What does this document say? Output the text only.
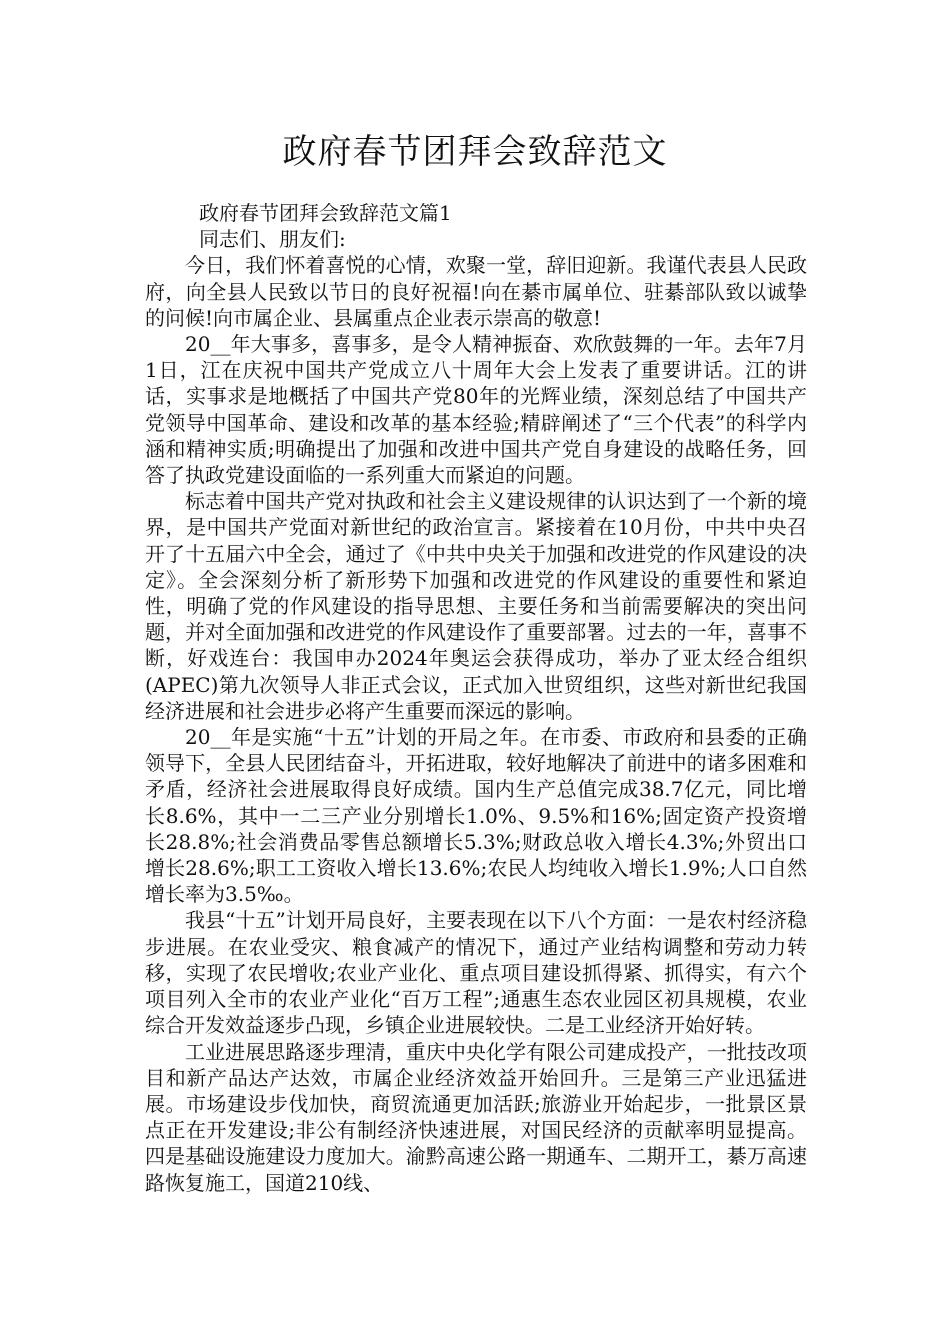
政府春节团拜会致辞范文

政府春节团拜会致辞范文篇1

同志们、朋友们:

今日，我们怀着喜悦的心情，欢聚一堂，辞旧迎新。我谨代表县人民政府，向全县人民致以节日的良好祝福!向在綦市属单位、驻綦部队致以诚挚的问候!向市属企业、县属重点企业表示崇高的敬意!

20__年大事多，喜事多，是令人精神振奋、欢欣鼓舞的一年。去年7月1日，江在庆祝中国共产党成立八十周年大会上发表了重要讲话。江的讲话，实事求是地概括了中国共产党80年的光辉业绩，深刻总结了中国共产党领导中国革命、建设和改革的基本经验;精辟阐述了“三个代表”的科学内涵和精神实质;明确提出了加强和改进中国共产党自身建设的战略任务，回答了执政党建设面临的一系列重大而紧迫的问题。

标志着中国共产党对执政和社会主义建设规律的认识达到了一个新的境界，是中国共产党面对新世纪的政治宣言。紧接着在10月份，中共中央召开了十五届六中全会，通过了《中共中央关于加强和改进党的作风建设的决定》。全会深刻分析了新形势下加强和改进党的作风建设的重要性和紧迫性，明确了党的作风建设的指导思想、主要任务和当前需要解决的突出问题，并对全面加强和改进党的作风建设作了重要部署。过去的一年，喜事不断，好戏连台：我国申办2024年奥运会获得成功，举办了亚太经合组织(APEC)第九次领导人非正式会议，正式加入世贸组织，这些对新世纪我国经济进展和社会进步必将产生重要而深远的影响。

20__年是实施“十五”计划的开局之年。在市委、市政府和县委的正确领导下，全县人民团结奋斗，开拓进取，较好地解决了前进中的诸多困难和矛盾，经济社会进展取得良好成绩。国内生产总值完成38.7亿元，同比增长8.6%，其中一二三产业分别增长1.0%、9.5%和16%;固定资产投资增长28.8%;社会消费品零售总额增长5.3%;财政总收入增长4.3%;外贸出口增长28.6%;职工工资收入增长13.6%;农民人均纯收入增长1.9%;人口自然增长率为3.5‰。

我县“十五”计划开局良好，主要表现在以下八个方面：一是农村经济稳步进展。在农业受灾、粮食减产的情况下，通过产业结构调整和劳动力转移，实现了农民增收;农业产业化、重点项目建设抓得紧、抓得实，有六个项目列入全市的农业产业化“百万工程”;通惠生态农业园区初具规模，农业综合开发效益逐步凸现，乡镇企业进展较快。二是工业经济开始好转。

工业进展思路逐步理清，重庆中央化学有限公司建成投产，一批技改项目和新产品达产达效，市属企业经济效益开始回升。三是第三产业迅猛进展。市场建设步伐加快，商贸流通更加活跃;旅游业开始起步，一批景区景点正在开发建设;非公有制经济快速进展，对国民经济的贡献率明显提高。四是基础设施建设力度加大。渝黔高速公路一期通车、二期开工，綦万高速路恢复施工，国道210线、
